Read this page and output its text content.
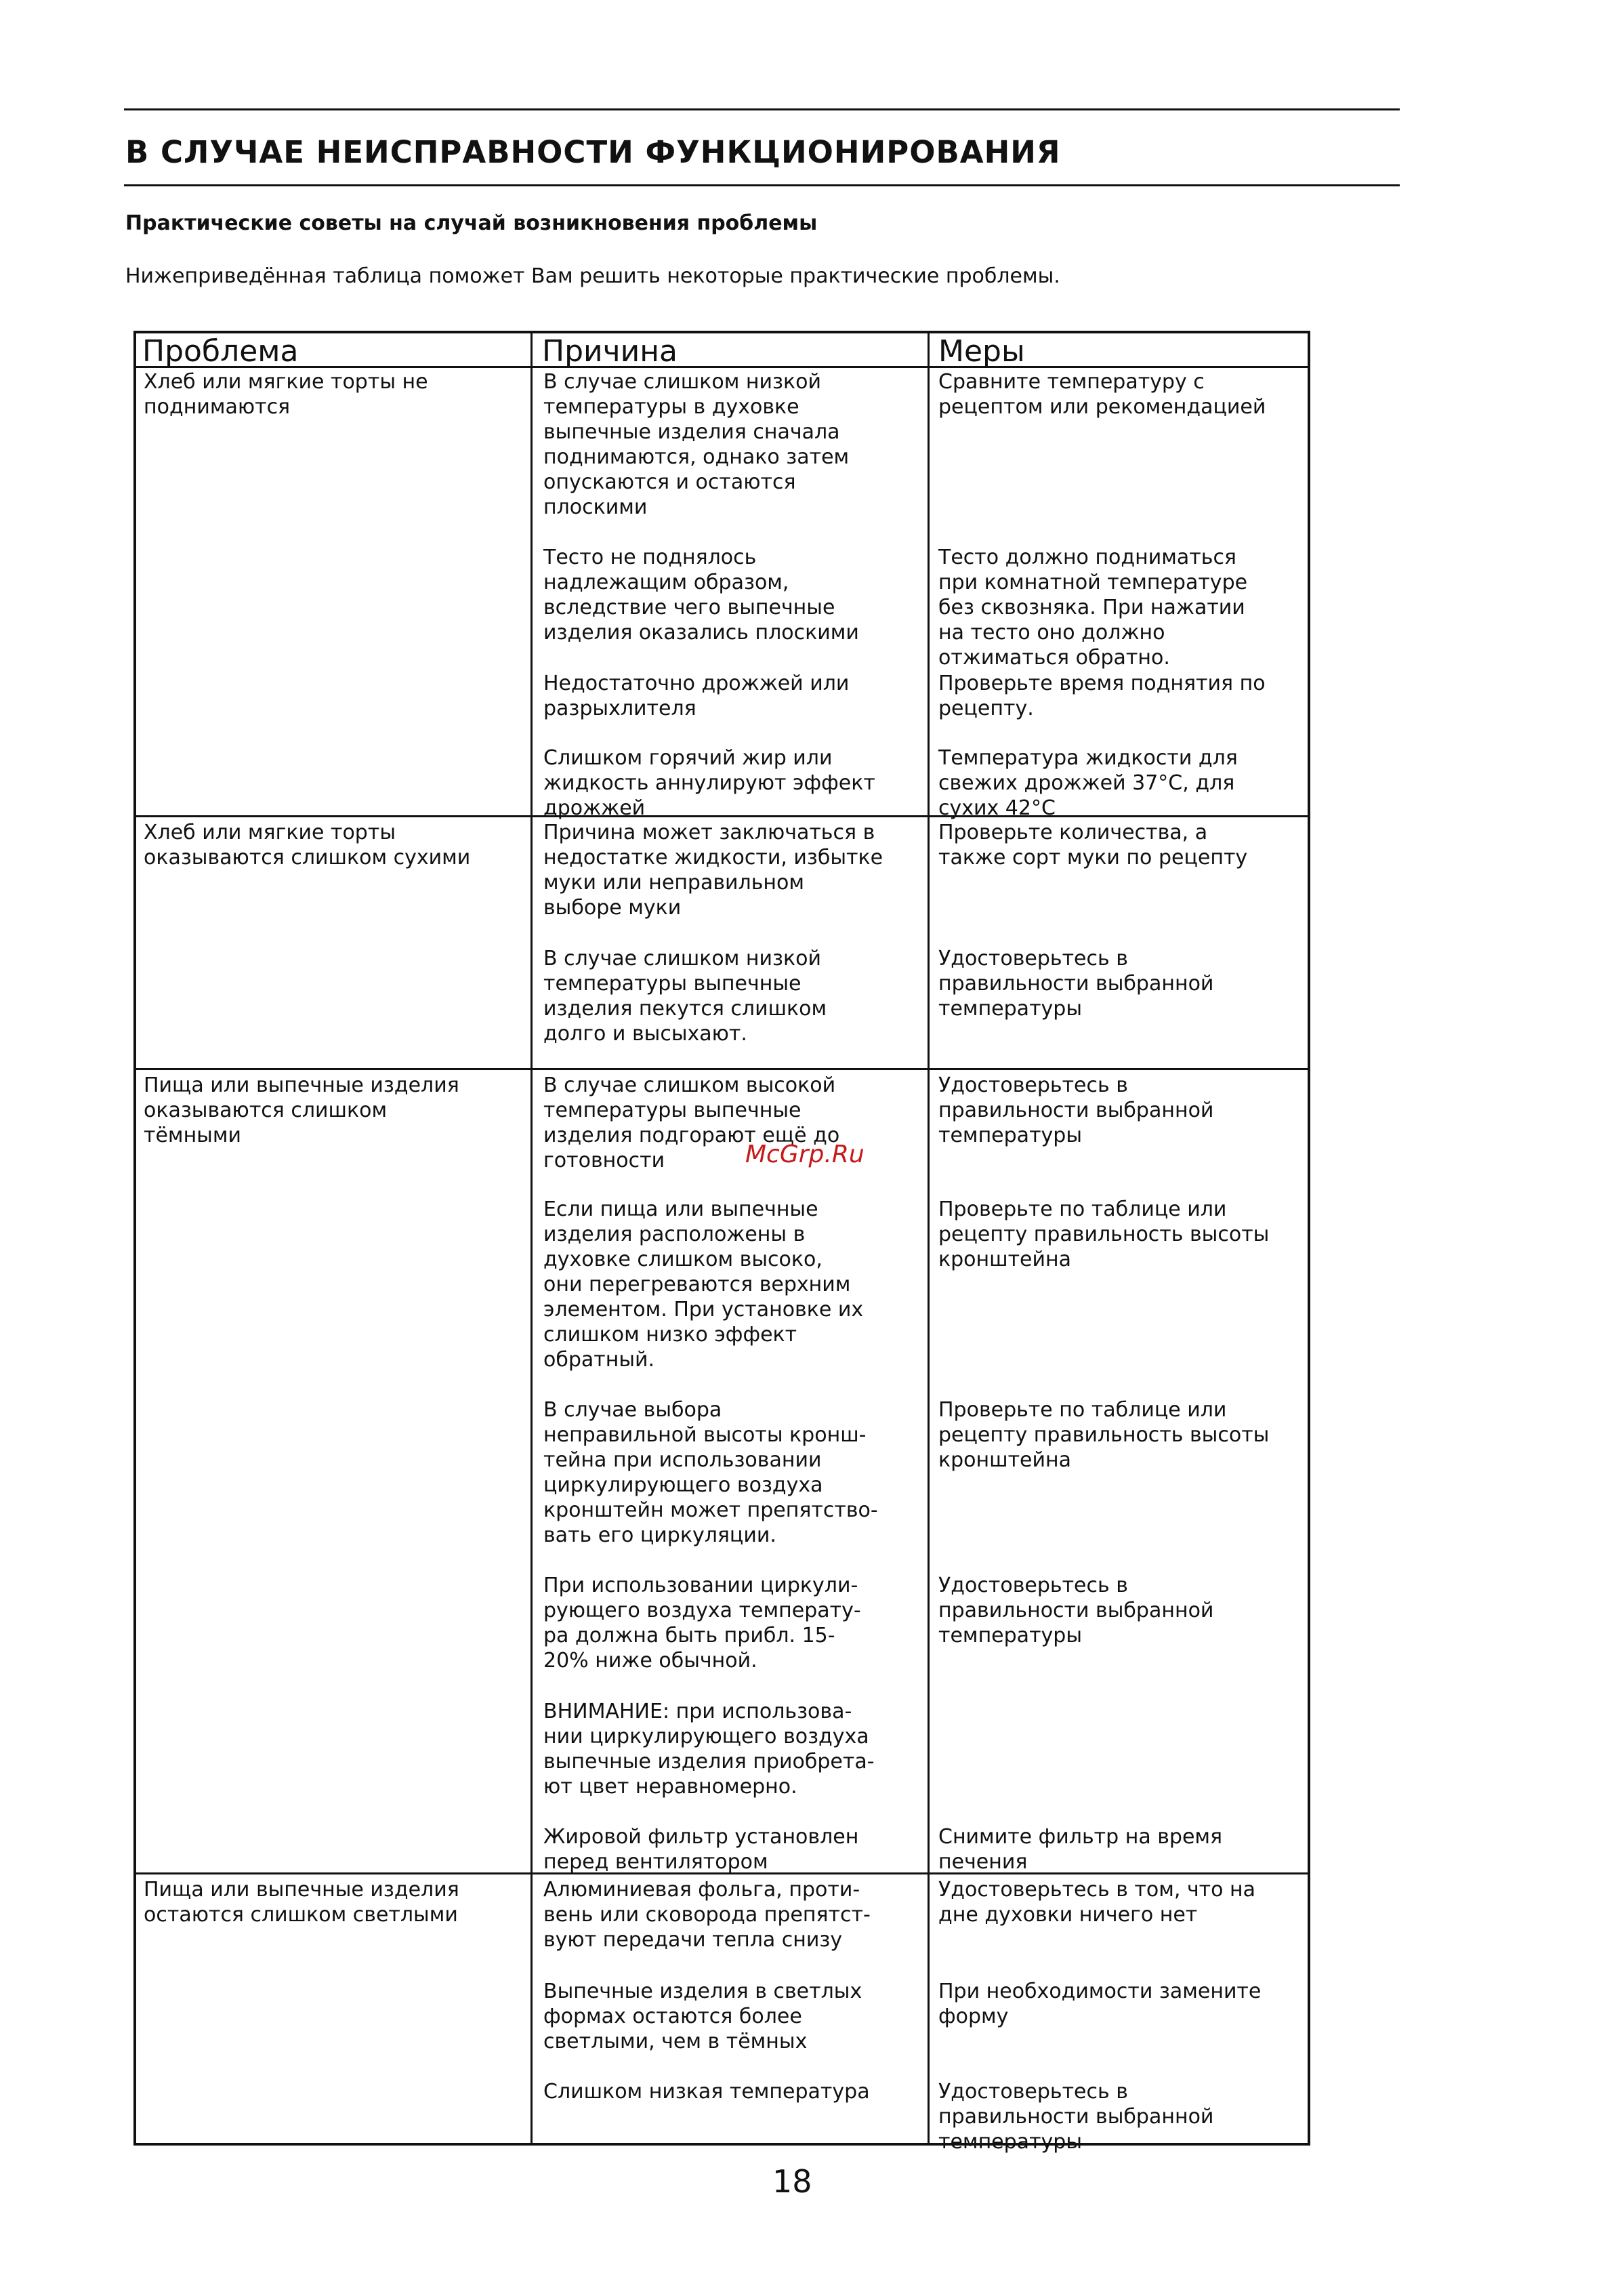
В СЛУЧАЕ НЕИСПРАВНОСТИ ФУНКЦИОНИРОВАНИЯ
Практические советы на случай возникновения проблемы
Нижеприведённая таблица поможет Вам решить некоторые практические проблемы.
Проблема	Причина	Меры
Хлеб или мягкие торты не
поднимаются
В случае слишком низкой
температуры в духовке
выпечные изделия сначала
поднимаются, однако затем
опускаются и остаются
плоскими
Тесто не поднялось
надлежащим образом,
вследствие чего выпечные
изделия оказались плоскими
Недостаточно дрожжей или
разрыхлителя
Слишком горячий жир или
жидкость аннулируют эффект
дрожжей
Сравните температуру с
рецептом или рекомендацией
Тесто должно подниматься
при комнатной температуре
без сквозняка. При нажатии
на тесто оно должно
отжиматься обратно.
Проверьте время поднятия по
рецепту.
Температура жидкости для
свежих дрожжей 37°С, для
сухих 42°С
Хлеб или мягкие торты
оказываются слишком сухими
Причина может заключаться в
недостатке жидкости, избытке
муки или неправильном
выборе муки
В случае слишком низкой
температуры выпечные
изделия пекутся слишком
долго и высыхают.
Проверьте количества, а
также сорт муки по рецепту
Удостоверьтесь в
правильности выбранной
температуры
Пища или выпечные изделия
оказываются слишком
тёмными
В случае слишком высокой
температуры выпечные
изделия подгорают ещё до
готовности
Если пища или выпечные
изделия расположены в
духовке слишком высоко,
они перегреваются верхним
элементом. При установке их
слишком низко эффект
обратный.
В случае выбора
неправильной высоты кронш-
тейна при использовании
циркулирующего воздуха
кронштейн может препятство-
вать его циркуляции.
При использовании циркули-
рующего воздуха температу-
ра должна быть прибл. 15-
20% ниже обычной.
ВНИМАНИЕ: при использова-
нии циркулирующего воздуха
выпечные изделия приобрета-
ют цвет неравномерно.
Жировой фильтр установлен
перед вентилятором
Удостоверьтесь в
правильности выбранной
температуры
Проверьте по таблице или
рецепту правильность высоты
кронштейна
Проверьте по таблице или
рецепту правильность высоты
кронштейна
Удостоверьтесь в
правильности выбранной
температуры
Снимите фильтр на время
печения
Пища или выпечные изделия
остаются слишком светлыми
Алюминиевая фольга, проти-
вень или сковорода препятст-
вуют передачи тепла снизу
Выпечные изделия в светлых
формах остаются более
светлыми, чем в тёмных
Слишком низкая температура
Удостоверьтесь в том, что на
дне духовки ничего нет
При необходимости замените
форму
Удостоверьтесь в
правильности выбранной
температуры
McGrp.Ru
18
